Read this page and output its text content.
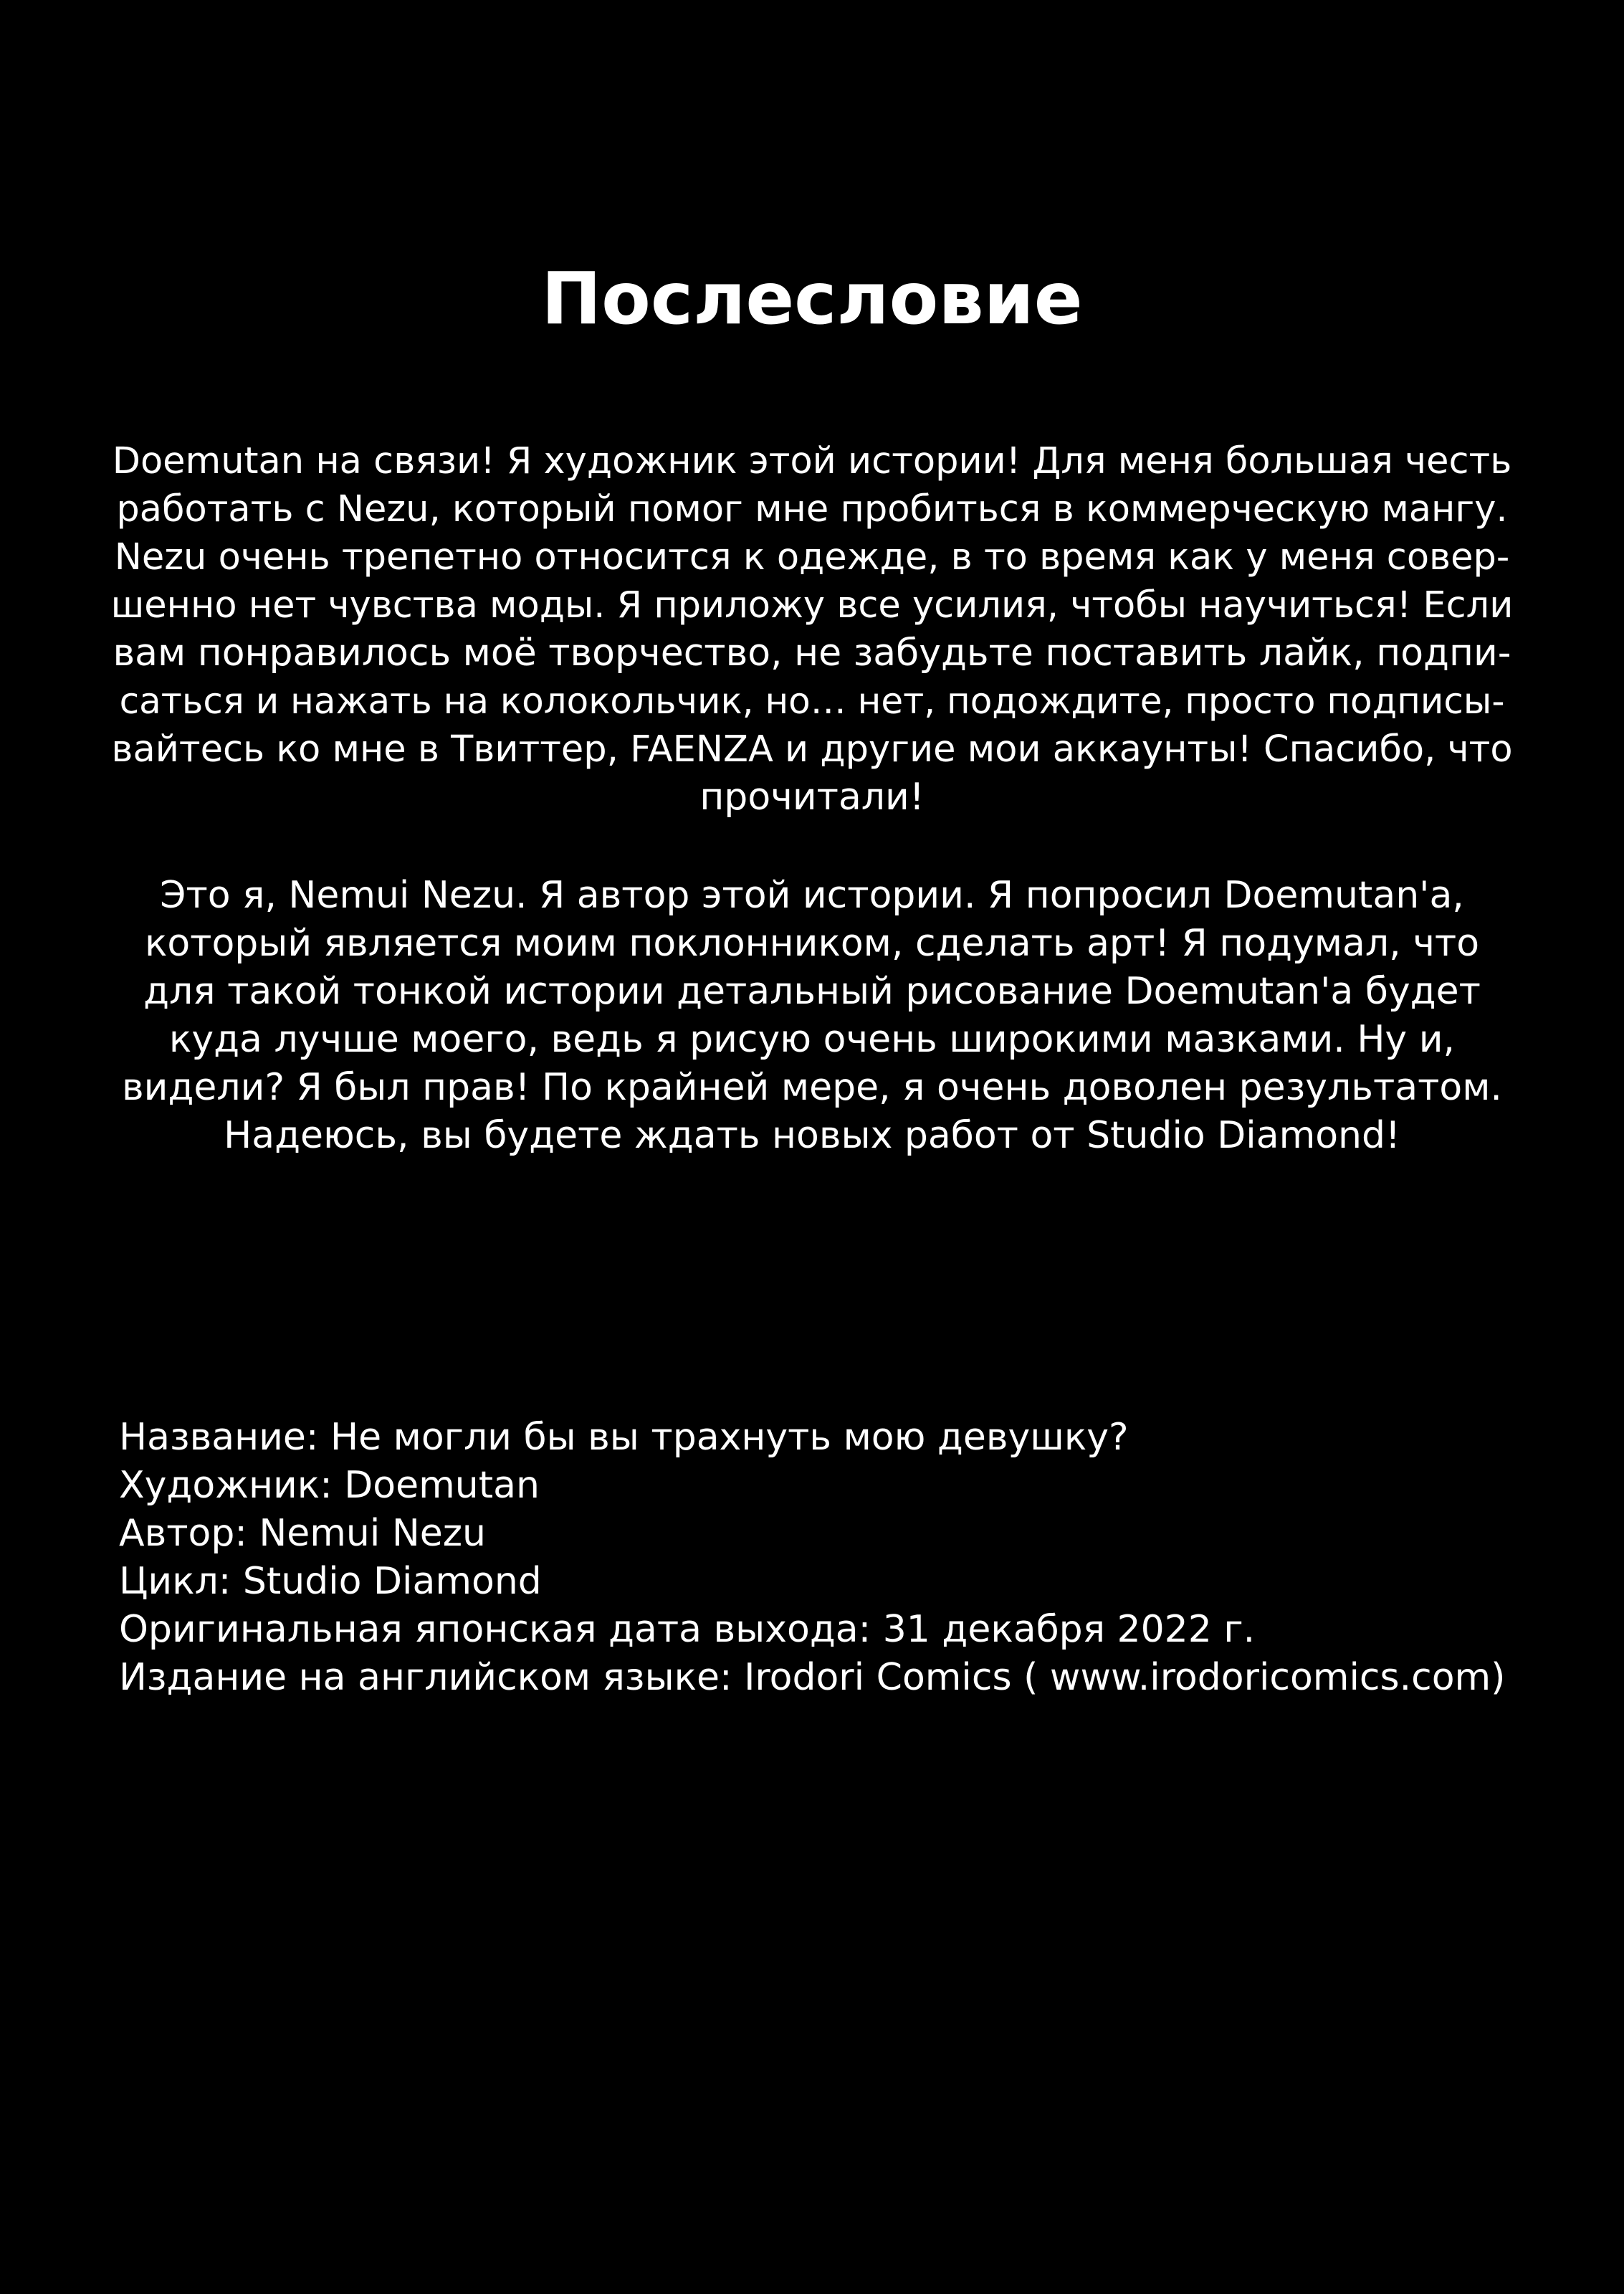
Послесловие
Doemutan на связи! Я художник этой истории! Для меня большая честь
работать с Nezu, который помог мне пробиться в коммерческую мангу.
Nezu очень трепетно относится к одежде, в то время как у меня совер-
шенно нет чувства моды. Я приложу все усилия, чтобы научиться! Если
вам понравилось моё творчество, не забудьте поставить лайк, подпи-
саться и нажать на колокольчик, но… нет, подождите, просто подписы-
вайтесь ко мне в Твиттер, FAENZA и другие мои аккаунты! Спасибо, что
прочитали!
Это я, Nemui Nezu. Я автор этой истории. Я попросил Doemutan'a,
который является моим поклонником, сделать арт! Я подумал, что
для такой тонкой истории детальный рисование Doemutan'a будет
куда лучше моего, ведь я рисую очень широкими мазками. Ну и,
видели? Я был прав! По крайней мере, я очень доволен результатом.
Надеюсь, вы будете ждать новых работ от Studio Diamond!
Название: Не могли бы вы трахнуть мою девушку?
Художник: Doemutan
Автор: Nemui Nezu
Цикл: Studio Diamond
Оригинальная японская дата выхода: 31 декабря 2022 г.
Издание на английском языке: Irodori Comics ( www.irodoricomics.com)
